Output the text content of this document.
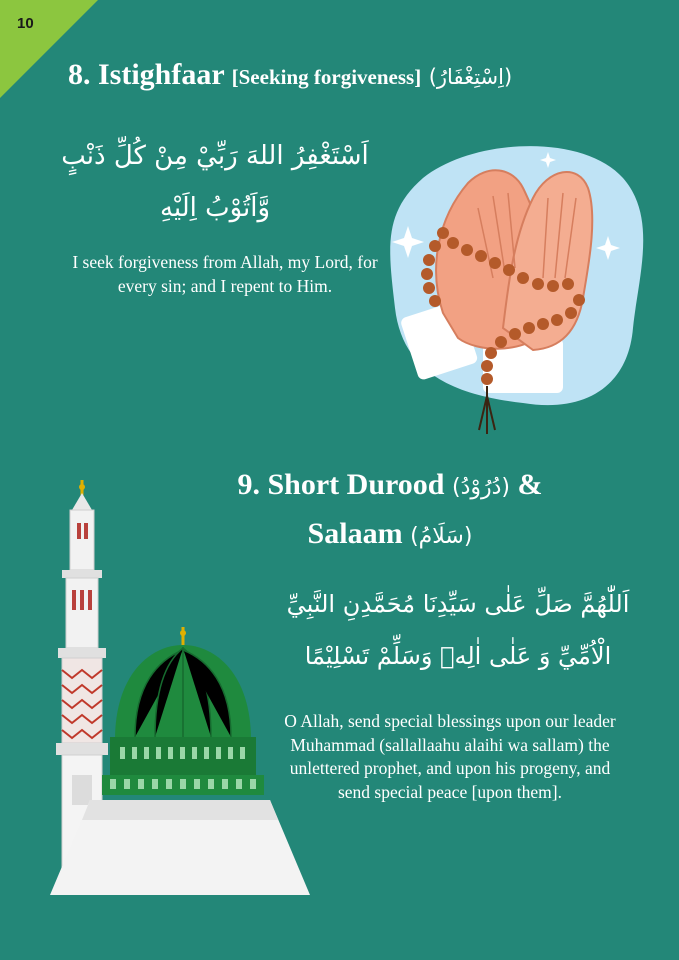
10
8. Istighfaar [Seeking forgiveness] (اِسْتِغْفَارُ)
اَسْتَغْفِرُ اللهَ رَبِّيْ مِنْ كُلِّ ذَنْبٍ
وَّاَتُوْبُ اِلَيْهِ
I seek forgiveness from Allah, my Lord, for every sin; and I repent to Him.
9. Short Durood (دُرُوْدُ) &
Salaam (سَلَامُ)
اَللّٰهُمَّ صَلِّ عَلٰى سَيِّدِنَا مُحَمَّدِنِ النَّبِيِّ
الْاُمِّيِّ وَ عَلٰى اٰلِهٖ وَسَلِّمْ تَسْلِيْمًا
O Allah, send special blessings upon our leader Muhammad (sallallaahu alaihi wa sallam) the unlettered prophet, and upon his progeny, and send special peace [upon them].
